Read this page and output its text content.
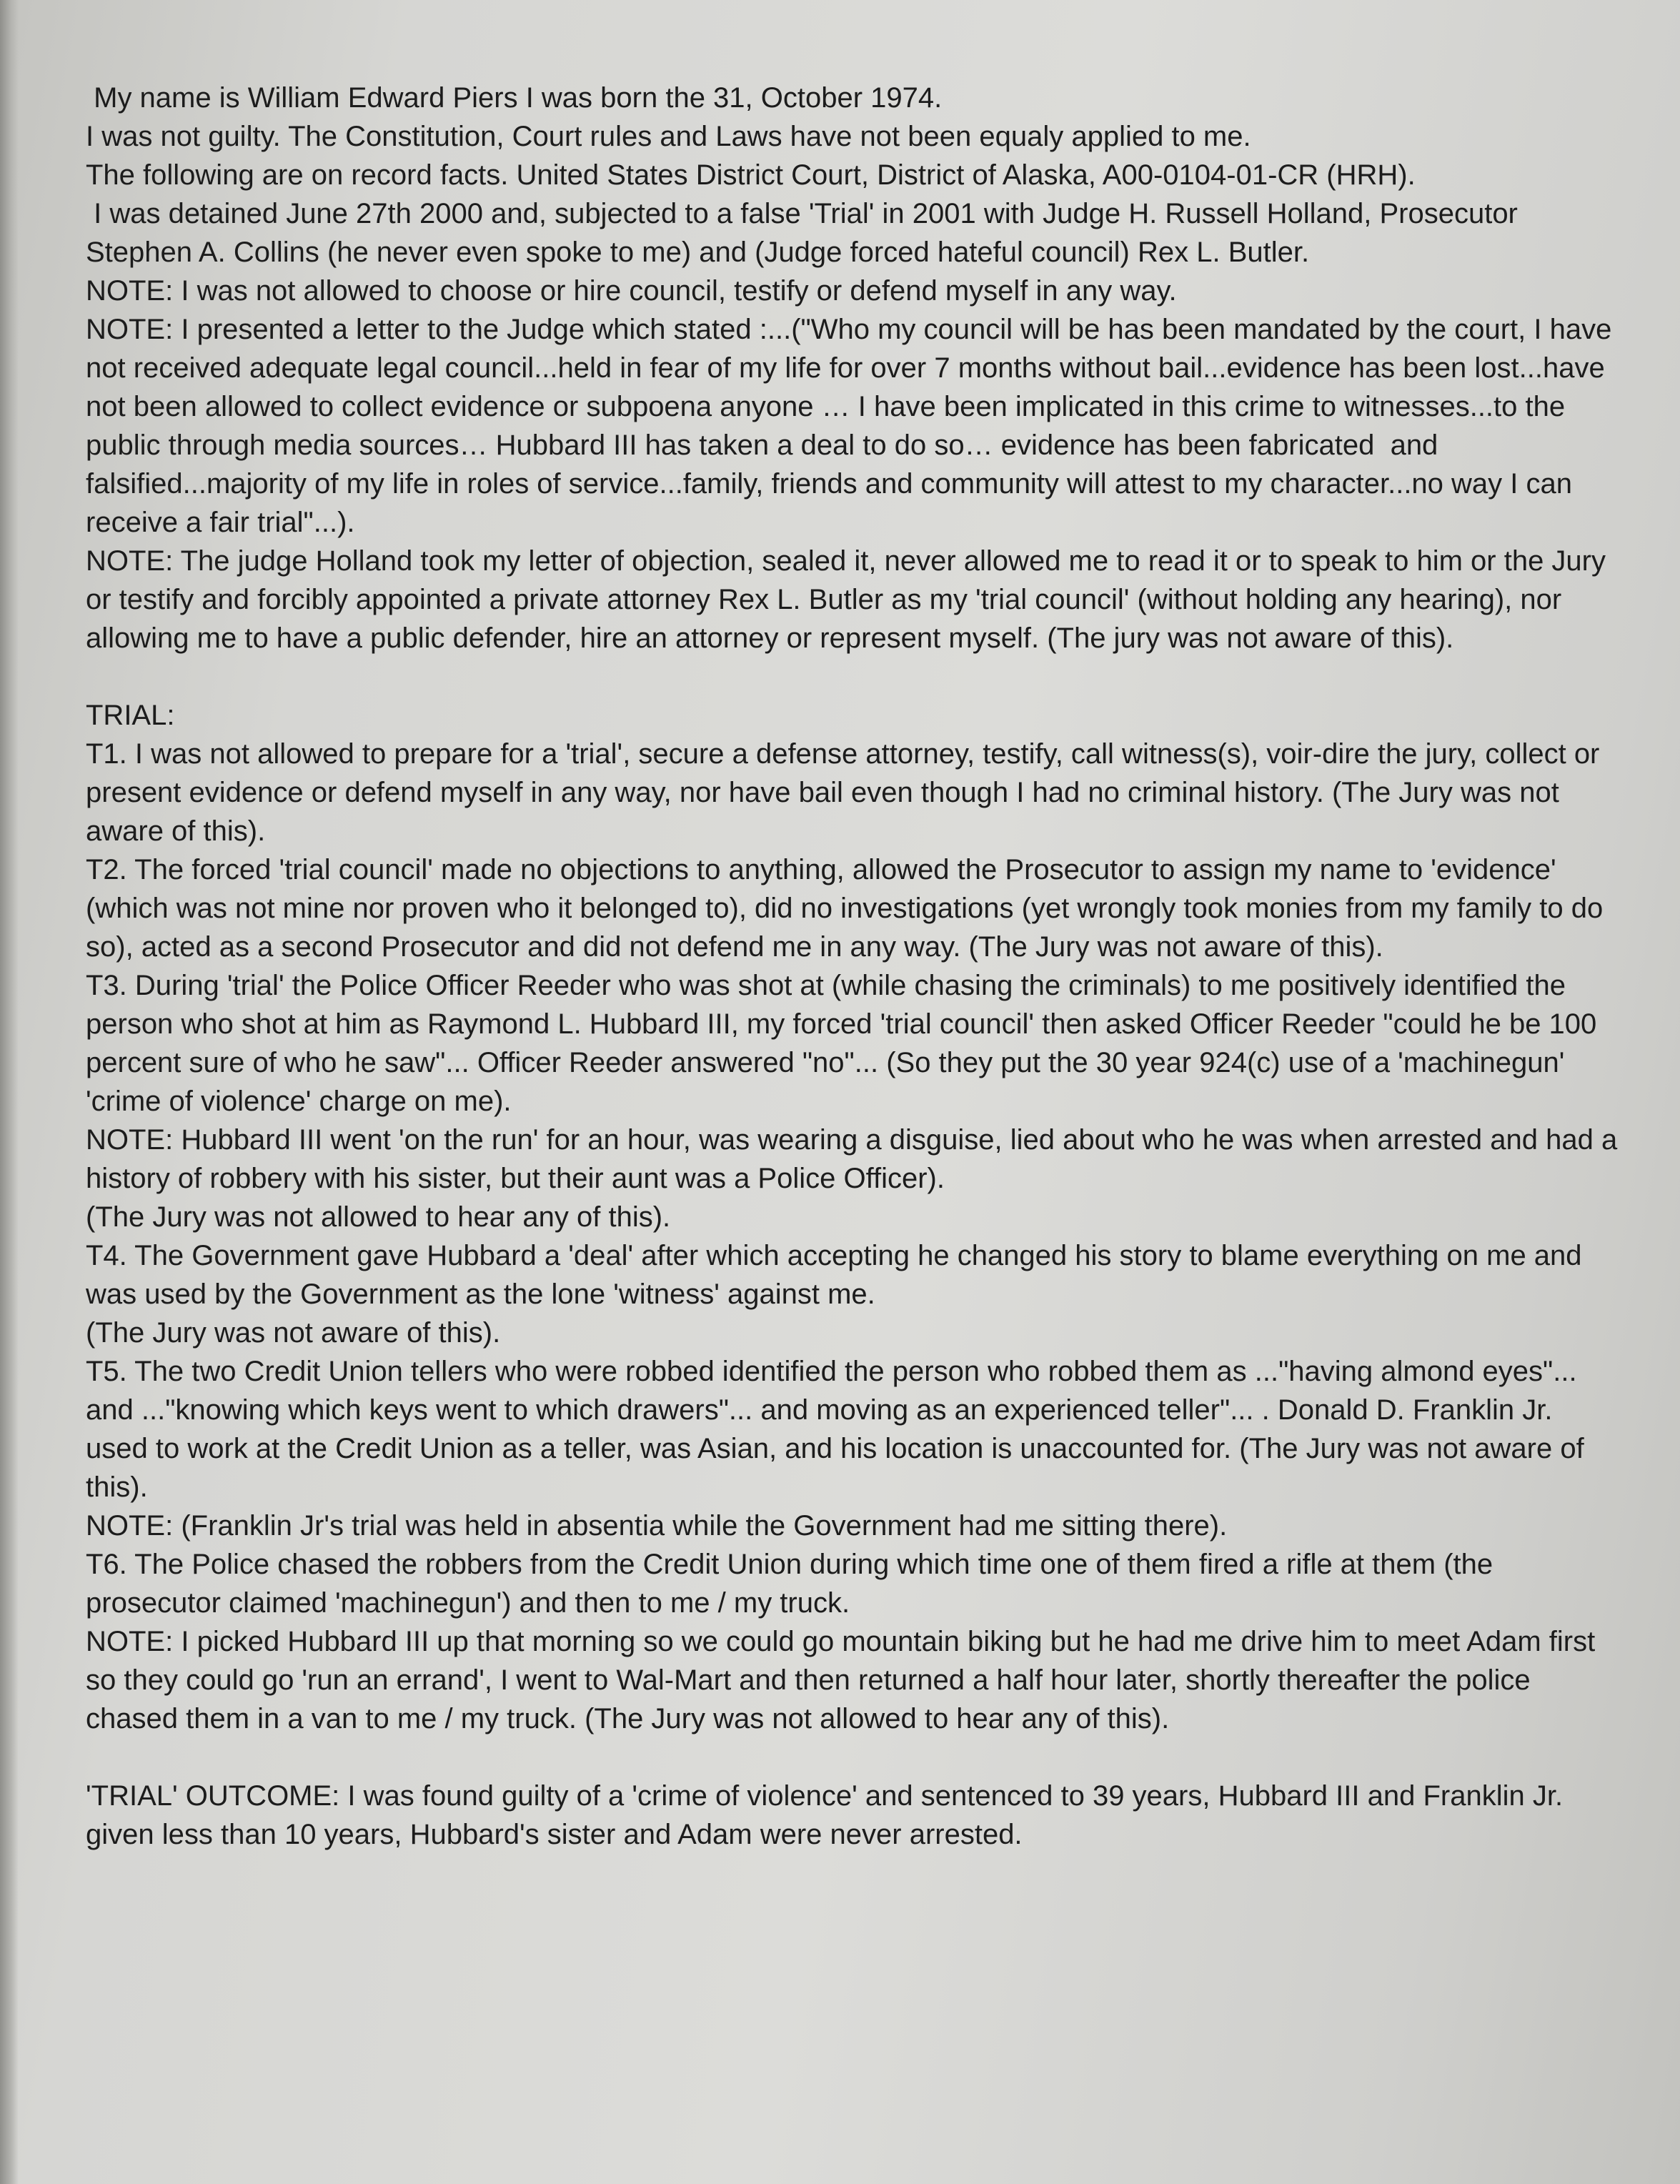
My name is William Edward Piers I was born the 31, October 1974.

I was not guilty. The Constitution, Court rules and Laws have not been equaly applied to me.

The following are on record facts. United States District Court, District of Alaska, A00-0104-01-CR (HRH).

I was detained June 27th 2000 and, subjected to a false 'Trial' in 2001 with Judge H. Russell Holland, Prosecutor Stephen A. Collins (he never even spoke to me) and (Judge forced hateful council) Rex L. Butler.

NOTE: I was not allowed to choose or hire council, testify or defend myself in any way.

NOTE: I presented a letter to the Judge which stated :...("Who my council will be has been mandated by the court, I have not received adequate legal council...held in fear of my life for over 7 months without bail...evidence has been lost...have not been allowed to collect evidence or subpoena anyone … I have been implicated in this crime to witnesses...to the public through media sources… Hubbard III has taken a deal to do so… evidence has been fabricated  and falsified...majority of my life in roles of service...family, friends and community will attest to my character...no way I can receive a fair trial"...).

NOTE: The judge Holland took my letter of objection, sealed it, never allowed me to read it or to speak to him or the Jury or testify and forcibly appointed a private attorney Rex L. Butler as my 'trial council' (without holding any hearing), nor allowing me to have a public defender, hire an attorney or represent myself. (The jury was not aware of this).

TRIAL:

T1. I was not allowed to prepare for a 'trial', secure a defense attorney, testify, call witness(s), voir-dire the jury, collect or present evidence or defend myself in any way, nor have bail even though I had no criminal history. (The Jury was not aware of this).

T2. The forced 'trial council' made no objections to anything, allowed the Prosecutor to assign my name to 'evidence' (which was not mine nor proven who it belonged to), did no investigations (yet wrongly took monies from my family to do so), acted as a second Prosecutor and did not defend me in any way. (The Jury was not aware of this).

T3. During 'trial' the Police Officer Reeder who was shot at (while chasing the criminals) to me positively identified the person who shot at him as Raymond L. Hubbard III, my forced 'trial council' then asked Officer Reeder "could he be 100 percent sure of who he saw"... Officer Reeder answered "no"... (So they put the 30 year 924(c) use of a 'machinegun' 'crime of violence' charge on me).

NOTE: Hubbard III went 'on the run' for an hour, was wearing a disguise, lied about who he was when arrested and had a history of robbery with his sister, but their aunt was a Police Officer).

(The Jury was not allowed to hear any of this).

T4. The Government gave Hubbard a 'deal' after which accepting he changed his story to blame everything on me and was used by the Government as the lone 'witness' against me.

(The Jury was not aware of this).

T5. The two Credit Union tellers who were robbed identified the person who robbed them as ..."having almond eyes"... and ..."knowing which keys went to which drawers"... and moving as an experienced teller"... . Donald D. Franklin Jr. used to work at the Credit Union as a teller, was Asian, and his location is unaccounted for. (The Jury was not aware of this).

NOTE: (Franklin Jr's trial was held in absentia while the Government had me sitting there).

T6. The Police chased the robbers from the Credit Union during which time one of them fired a rifle at them (the prosecutor claimed 'machinegun') and then to me / my truck.

NOTE: I picked Hubbard III up that morning so we could go mountain biking but he had me drive him to meet Adam first so they could go 'run an errand', I went to Wal-Mart and then returned a half hour later, shortly thereafter the police chased them in a van to me / my truck. (The Jury was not allowed to hear any of this).

'TRIAL' OUTCOME: I was found guilty of a 'crime of violence' and sentenced to 39 years, Hubbard III and Franklin Jr. given less than 10 years, Hubbard's sister and Adam were never arrested.
